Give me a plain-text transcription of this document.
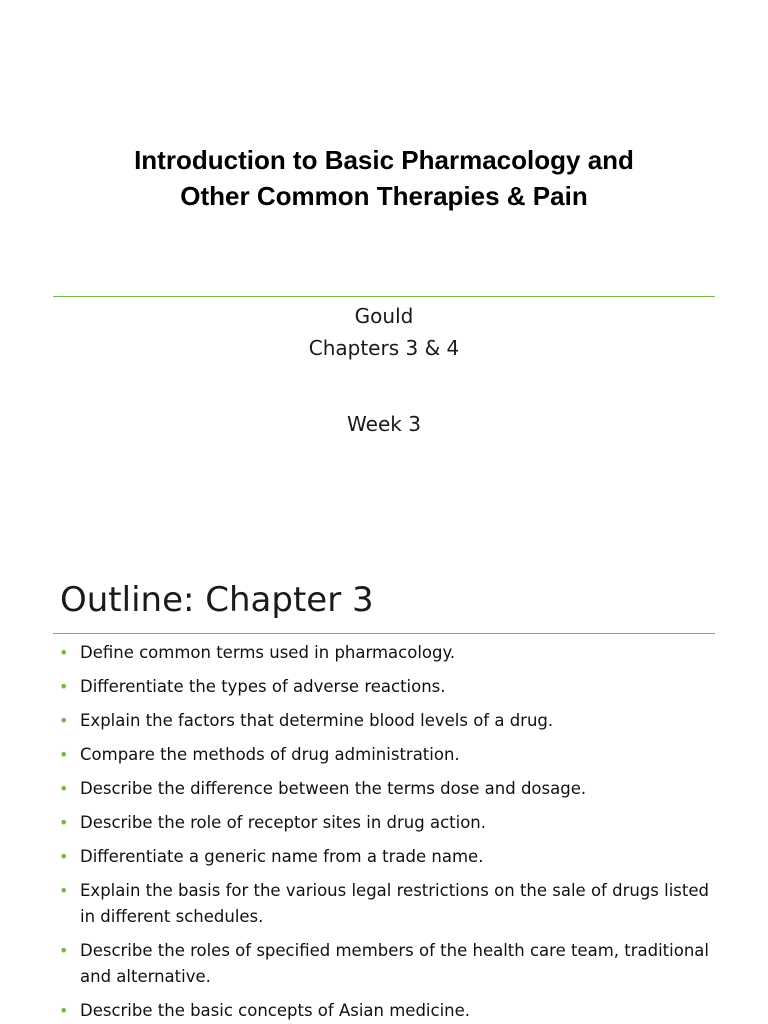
Introduction to Basic Pharmacology and
Other Common Therapies & Pain
Gould
Chapters 3 & 4
Week 3
Outline: Chapter 3
• Define common terms used in pharmacology.
• Differentiate the types of adverse reactions.
• Explain the factors that determine blood levels of a drug.
• Compare the methods of drug administration.
• Describe the difference between the terms dose and dosage.
• Describe the role of receptor sites in drug action.
• Differentiate a generic name from a trade name.
• Explain the basis for the various legal restrictions on the sale of drugs listed in different schedules.
• Describe the roles of specified members of the health care team, traditional and alternative.
• Describe the basic concepts of Asian medicine.
